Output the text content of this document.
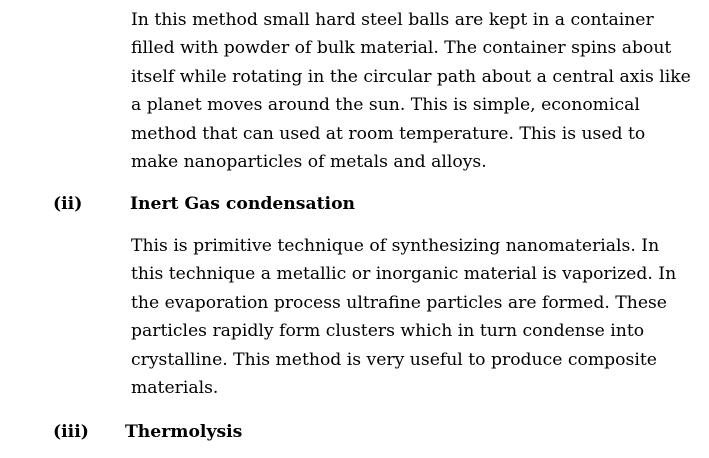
In this method small hard steel balls are kept in a container
filled with powder of bulk material. The container spins about
itself while rotating in the circular path about a central axis like
a planet moves around the sun. This is simple, economical
method that can used at room temperature. This is used to
make nanoparticles of metals and alloys.

(ii)	Inert Gas condensation

This is primitive technique of synthesizing nanomaterials. In
this technique a metallic or inorganic material is vaporized. In
the evaporation process ultrafine particles are formed. These
particles rapidly form clusters which in turn condense into
crystalline. This method is very useful to produce composite
materials.

(iii) Thermolysis
